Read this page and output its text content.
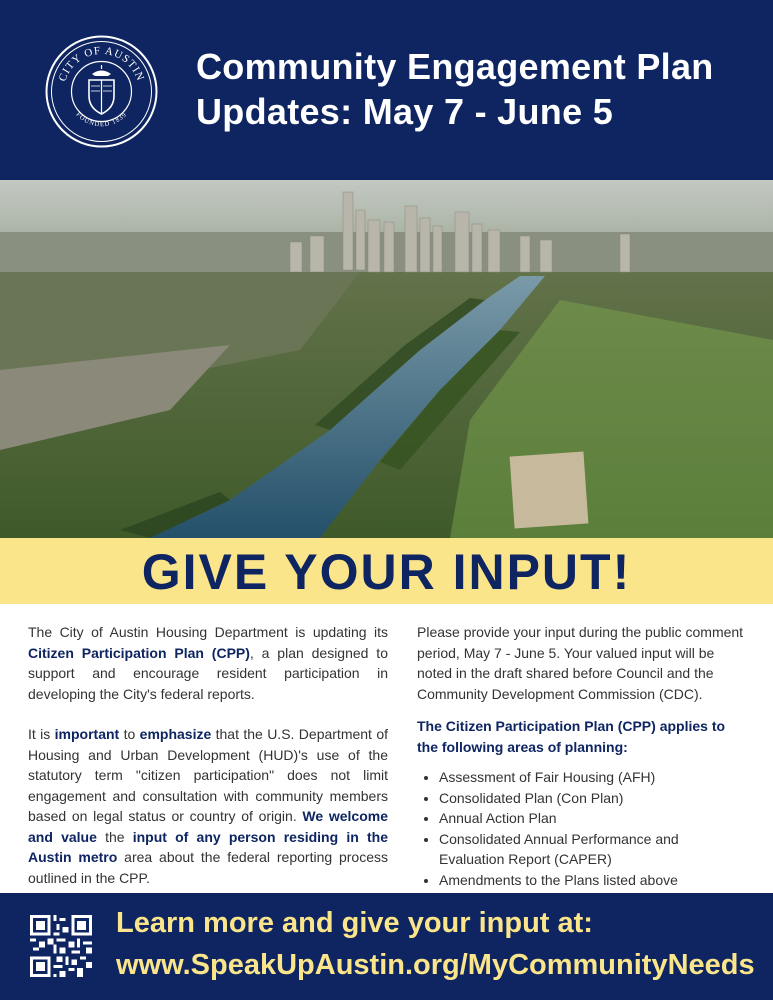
CITY OF AUSTIN
FOUNDED 1839
Community Engagement Plan
Updates: May 7 - June 5
GIVE YOUR INPUT!

The City of Austin Housing Department is updating its Citizen Participation Plan (CPP), a plan designed to support and encourage resident participation in developing the City's federal reports.

It is important to emphasize that the U.S. Department of Housing and Urban Development (HUD)'s use of the statutory term "citizen participation" does not limit engagement and consultation with community members based on legal status or country of origin. We welcome and value the input of any person residing in the Austin metro area about the federal reporting process outlined in the CPP.

Please provide your input during the public comment period, May 7 - June 5. Your valued input will be noted in the draft shared before Council and the Community Development Commission (CDC).

The Citizen Participation Plan (CPP) applies to the following areas of planning:

• Assessment of Fair Housing (AFH)
• Consolidated Plan (Con Plan)
• Annual Action Plan
• Consolidated Annual Performance and Evaluation Report (CAPER)
• Amendments to the Plans listed above
Learn more and give your input at:
www.SpeakUpAustin.org/MyCommunityNeeds
